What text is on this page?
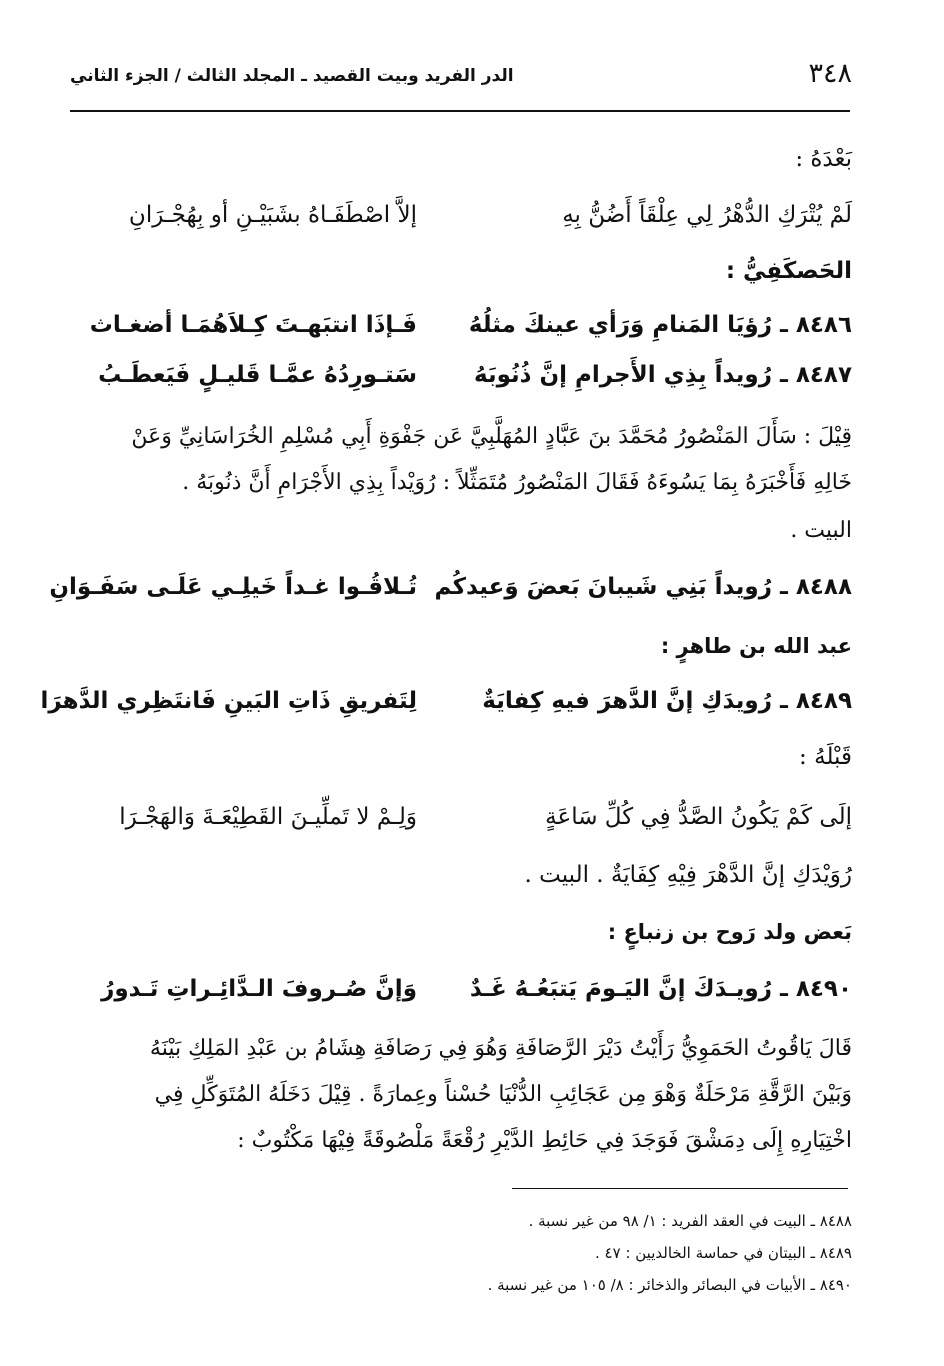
٣٤٨
الدر الفريد وبيت القصيد ـ المجلد الثالث / الجزء الثاني
بَعْدَهُ :
لَمْ يُتْرَكِ الدُّهْرُ لِي عِلْقَاً أَضُنُّ بِهِ
إلاَّ اصْطَفَـاهُ بشَبَيْـنِ أو بِهُجْـرَانِ
الحَصكَفِيُّ :
٨٤٨٦ ـ رُؤيَا المَنامِ وَرَأي عينكَ مثلُهُ
فَـإذَا انتبَهـتَ كِـلاَهُمَـا أضغـاث
٨٤٨٧ ـ رُويداً بِذِي الأَجرامِ إنَّ ذُنُوبَهُ
سَتـورِدُهُ عمَّـا قَليـلٍ فَيَعطَـبُ
قِيْلَ : سَأَلَ المَنْصُورُ مُحَمَّدَ بنَ عَبَّادٍ المُهَلَّبِيَّ عَن جَفْوَةِ أَبِي مُسْلِمِ الخُرَاسَانِيِّ وَعَنْ
خَالِهِ فَأَخْبَرَهُ بِمَا يَسُوءَهُ فَقَالَ المَنْصُورُ مُتَمَثِّلاً : رُوَيْداً بِذِي الأَجْرَامِ أَنَّ ذنُوبَهُ .
البيت .
٨٤٨٨ ـ رُويداً بَنِي شَيبانَ بَعضَ وَعيدكُم
تُـلاقُـوا غـداً خَيلِـي عَلَـى سَفَـوَانِ
عبد الله بن طاهرٍ :
٨٤٨٩ ـ رُويدَكِ إنَّ الدَّهرَ فيهِ كِفايَةٌ
لِتَفريقِ ذَاتِ البَينِ فَانتَظِري الدَّهرَا
قَبْلَهُ :
إلَى كَمْ يَكُونُ الصَّدُّ فِي كُلِّ سَاعَةٍ
وَلِـمْ لا تَملِّيـنَ القَطِيْعَـةَ وَالهَجْـرَا
رُوَيْدَكِ إنَّ الدَّهْرَ فِيْهِ كِفَايَةٌ . البيت .
بَعض ولد رَوح بن زنباعٍ :
٨٤٩٠ ـ رُويـدَكَ إنَّ اليَـومَ يَتبَعُـهُ غَـدٌ
وَإنَّ صُـروفَ الـدَّائِـراتِ تَـدورُ
قَالَ يَاقُوتُ الحَمَوِيُّ رَأَيْتُ دَيْرَ الرَّصَافَةِ وَهُوَ فِي رَصَافَةِ هِشَامُ بن عَبْدِ المَلِكِ بَيْنَهُ
وَبَيْنَ الرَّقَّةِ مَرْحَلَةٌ وَهْوَ مِن عَجَائِبِ الدُّنْيَا حُسْناً وعِمارَةً . قِيْلَ دَخَلَهُ المُتَوَكِّلِ فِي
اخْتِيَارِهِ إِلَى دِمَشْقَ فَوَجَدَ فِي حَائِطِ الدَّيْرِ رُقْعَةً مَلْصُوقَةً فِيْهَا مَكْتُوبٌ :
٨٤٨٨ ـ البيت في العقد الفريد : ١/ ٩٨ من غير نسبة .
٨٤٨٩ ـ البيتان في حماسة الخالديين : ٤٧ .
٨٤٩٠ ـ الأبيات في البصائر والذخائر : ٨/ ١٠٥ من غير نسبة .
